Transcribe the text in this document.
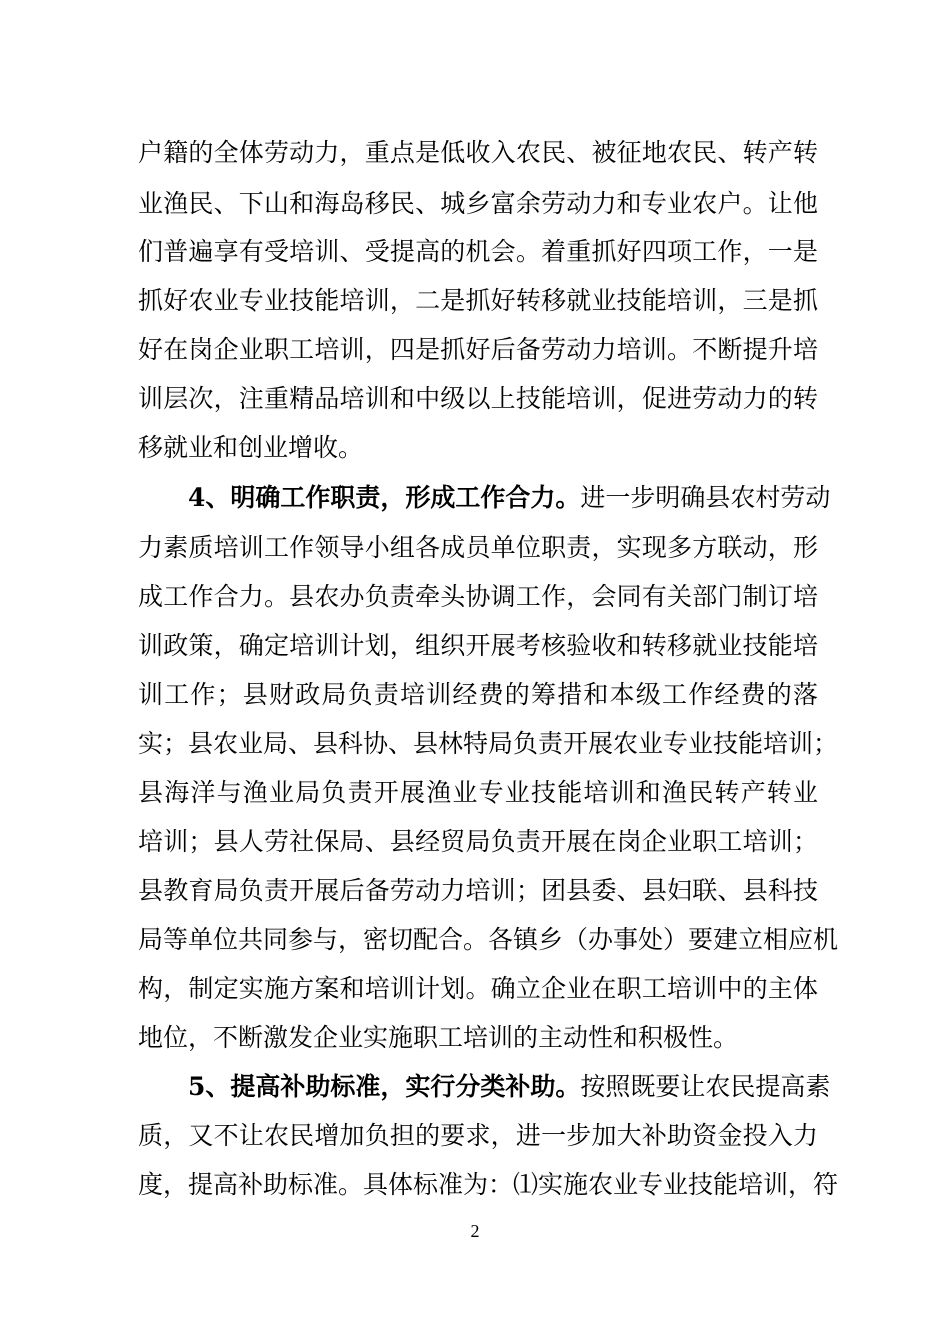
户籍的全体劳动力，重点是低收入农民、被征地农民、转产转
业渔民、下山和海岛移民、城乡富余劳动力和专业农户。让他
们普遍享有受培训、受提高的机会。着重抓好四项工作，一是
抓好农业专业技能培训，二是抓好转移就业技能培训，三是抓
好在岗企业职工培训，四是抓好后备劳动力培训。不断提升培
训层次，注重精品培训和中级以上技能培训，促进劳动力的转
移就业和创业增收。
4、明确工作职责，形成工作合力。进一步明确县农村劳动
力素质培训工作领导小组各成员单位职责，实现多方联动，形
成工作合力。县农办负责牵头协调工作，会同有关部门制订培
训政策，确定培训计划，组织开展考核验收和转移就业技能培
训工作；县财政局负责培训经费的筹措和本级工作经费的落
实；县农业局、县科协、县林特局负责开展农业专业技能培训；
县海洋与渔业局负责开展渔业专业技能培训和渔民转产转业
培训；县人劳社保局、县经贸局负责开展在岗企业职工培训；
县教育局负责开展后备劳动力培训；团县委、县妇联、县科技
局等单位共同参与，密切配合。各镇乡（办事处）要建立相应机
构，制定实施方案和培训计划。确立企业在职工培训中的主体
地位，不断激发企业实施职工培训的主动性和积极性。
5、提高补助标准，实行分类补助。按照既要让农民提高素
质，又不让农民增加负担的要求，进一步加大补助资金投入力
度，提高补助标准。具体标准为：⑴实施农业专业技能培训，符
2
